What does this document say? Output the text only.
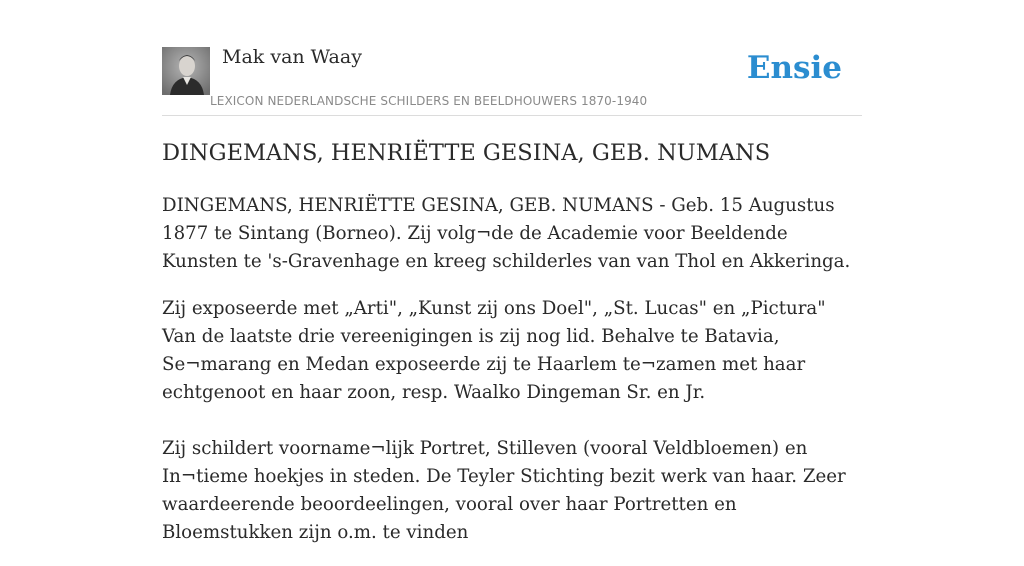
Mak van Waay
LEXICON NEDERLANDSCHE SCHILDERS EN BEELDHOUWERS 1870-1940
Ensie
DINGEMANS, HENRIËTTE GESINA, GEB. NUMANS

DINGEMANS, HENRIËTTE GESINA, GEB. NUMANS - Geb. 15 Augustus 1877 te Sintang (Borneo). Zij volg¬de de Academie voor Beeldende Kunsten te 's-Gravenhage en kreeg schilderles van van Thol en Akkeringa.

Zij exposeerde met „Arti", „Kunst zij ons Doel", „St. Lucas" en „Pictura" Van de laatste drie vereenigingen is zij nog lid. Behalve te Batavia, Se¬marang en Medan exposeerde zij te Haarlem te¬zamen met haar echtgenoot en haar zoon, resp. Waalko Dingeman Sr. en Jr.

Zij schildert voorname¬lijk Portret, Stilleven (vooral Veldbloemen) en In¬tieme hoekjes in steden. De Teyler Stichting bezit werk van haar. Zeer waardeerende beoordeelingen, vooral over haar Portretten en Bloemstukken zijn o.m. te vinden
